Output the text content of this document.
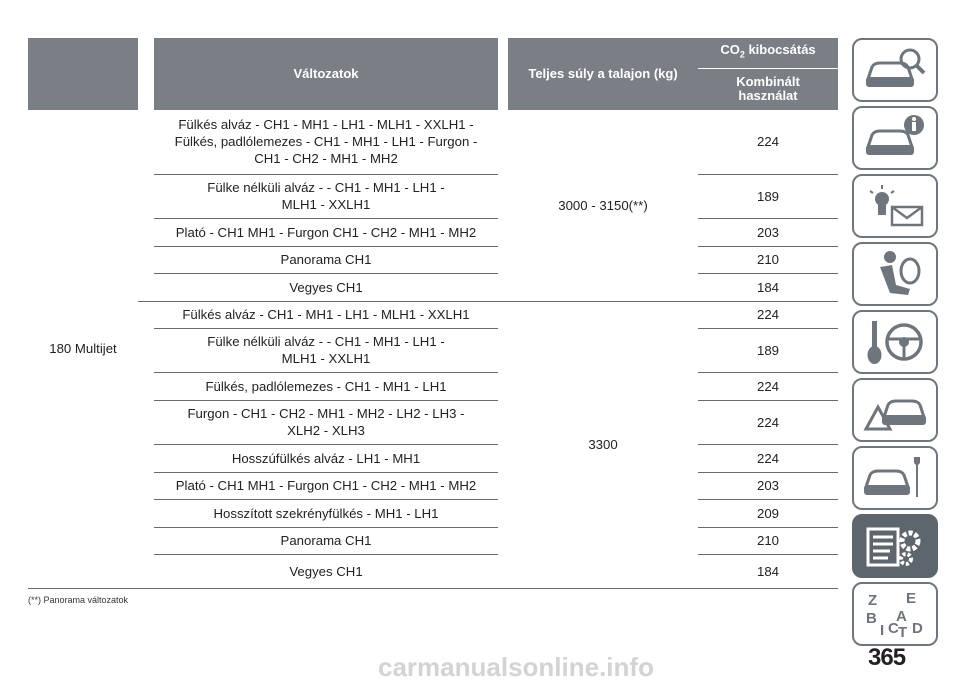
		Változatok		Teljes súly a talajon (kg)	$CO_2$ kibocsátás
					Kombinált használat
180 Multijet		Fülkés alváz - CH1 - MH1 - LH1 - MLH1 - XXLH1 - Fülkés, padlólemezes - CH1 - MH1 - LH1 - Furgon - CH1 - CH2 - MH1 - MH2		3000 - 3150(**)	224
		Fülke nélküli alváz - - CH1 - MH1 - LH1 - MLH1 - XXLH1			189
		Plató - CH1 MH1 - Furgon CH1 - CH2 - MH1 - MH2			203
		Panorama CH1			210
		Vegyes CH1			184
		Fülkés alváz - CH1 - MH1 - LH1 - MLH1 - XXLH1		3300	224
		Fülke nélküli alváz - - CH1 - MH1 - LH1 - MLH1 - XXLH1			189
		Fülkés, padlólemezes - CH1 - MH1 - LH1			224
		Furgon - CH1 - CH2 - MH1 - MH2 - LH2 - LH3 - XLH2 - XLH3			224
		Hosszúfülkés alváz - LH1 - MH1			224
		Plató - CH1 MH1 - Furgon CH1 - CH2 - MH1 - MH2			203
		Hosszított szekrényfülkés - MH1 - LH1			209
		Panorama CH1			210
		Vegyes CH1			184
(**) Panorama változatok	Z E
B A
I C D
T
365
carmanualsonline.info
